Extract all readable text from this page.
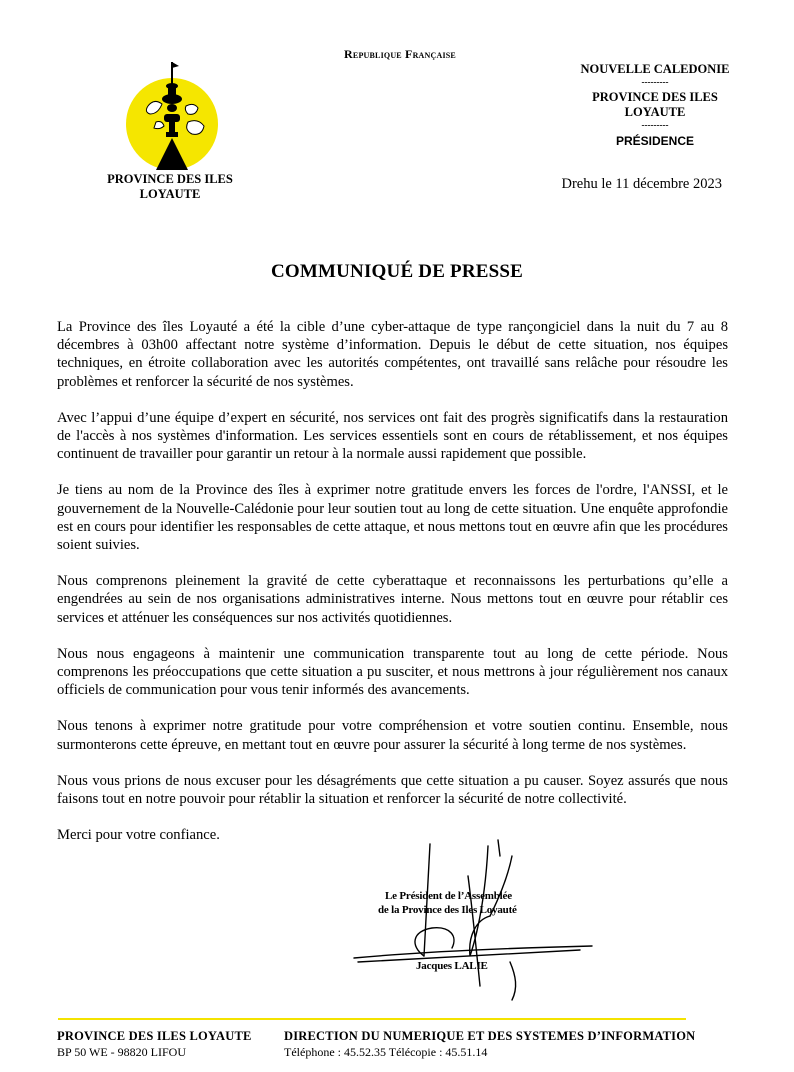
Republique Française
PROVINCE DES ILES
LOYAUTE
NOUVELLE CALEDONIE
---------
PROVINCE DES ILES
LOYAUTE
---------
PRÉSIDENCE
Drehu le 11 décembre 2023
COMMUNIQUÉ DE PRESSE

La Province des îles Loyauté a été la cible d’une cyber-attaque de type rançongiciel dans la nuit du 7 au 8 décembres à 03h00 affectant notre système d’information. Depuis le début de cette situation, nos équipes techniques, en étroite collaboration avec les autorités compétentes, ont travaillé sans relâche pour résoudre les problèmes et renforcer la sécurité de nos systèmes.

Avec l’appui d’une équipe d’expert en sécurité, nos services ont fait des progrès significatifs dans la restauration de l'accès à nos systèmes d'information. Les services essentiels sont en cours de rétablissement, et nos équipes continuent de travailler pour garantir un retour à la normale aussi rapidement que possible.

Je tiens au nom de la Province des îles à exprimer notre gratitude envers les forces de l'ordre, l'ANSSI, et le gouvernement de la Nouvelle-Calédonie pour leur soutien tout au long de cette situation. Une enquête approfondie est en cours pour identifier les responsables de cette attaque, et nous mettons tout en œuvre afin que les procédures soient suivies.

Nous comprenons pleinement la gravité de cette cyberattaque et reconnaissons les perturbations qu’elle a engendrées au sein de nos organisations administratives interne. Nous mettons tout en œuvre pour rétablir ces services et atténuer les conséquences sur nos activités quotidiennes.

Nous nous engageons à maintenir une communication transparente tout au long de cette période. Nous comprenons les préoccupations que cette situation a pu susciter, et nous mettrons à jour régulièrement nos canaux officiels de communication pour vous tenir informés des avancements.

Nous tenons à exprimer notre gratitude pour votre compréhension et votre soutien continu. Ensemble, nous surmonterons cette épreuve, en mettant tout en œuvre pour assurer la sécurité à long terme de nos systèmes.

Nous vous prions de nous excuser pour les désagréments que cette situation a pu causer. Soyez assurés que nous faisons tout en notre pouvoir pour rétablir la situation et renforcer la sécurité de notre collectivité.

Merci pour votre confiance.

Le Président de l’Assemblée
de la Province des Iles Loyauté
Jacques LALIE
PROVINCE DES ILES LOYAUTE
BP 50 WE - 98820 LIFOU
DIRECTION DU NUMERIQUE ET DES SYSTEMES D’INFORMATION
Téléphone : 45.52.35 Télécopie : 45.51.14
